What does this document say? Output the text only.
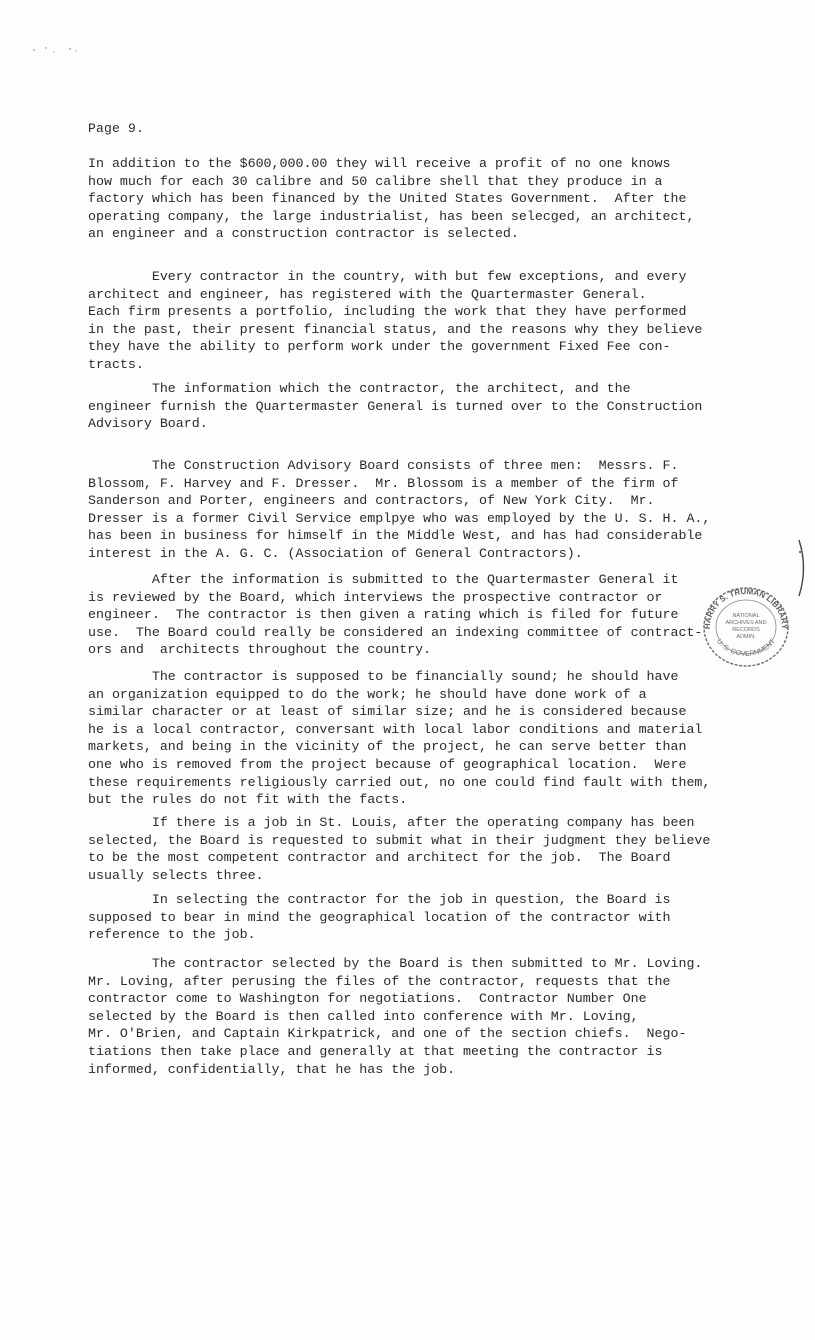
Page 9.

In addition to the $600,000.00 they will receive a profit of no one knows
how much for each 30 calibre and 50 calibre shell that they produce in a
factory which has been financed by the United States Government.  After the
operating company, the large industrialist, has been selecged, an architect,
an engineer and a construction contractor is selected.

Every contractor in the country, with but few exceptions, and every
architect and engineer, has registered with the Quartermaster General.
Each firm presents a portfolio, including the work that they have performed
in the past, their present financial status, and the reasons why they believe
they have the ability to perform work under the government Fixed Fee con-
tracts.

The information which the contractor, the architect, and the
engineer furnish the Quartermaster General is turned over to the Construction
Advisory Board.

The Construction Advisory Board consists of three men:  Messrs. F.
Blossom, F. Harvey and F. Dresser.  Mr. Blossom is a member of the firm of
Sanderson and Porter, engineers and contractors, of New York City.  Mr.
Dresser is a former Civil Service emplpye who was employed by the U. S. H. A.,
has been in business for himself in the Middle West, and has had considerable
interest in the A. G. C. (Association of General Contractors).

After the information is submitted to the Quartermaster General it
is reviewed by the Board, which interviews the prospective contractor or
engineer.  The contractor is then given a rating which is filed for future
use.  The Board could really be considered an indexing committee of contract-
ors and  architects throughout the country.

The contractor is supposed to be financially sound; he should have
an organization equipped to do the work; he should have done work of a
similar character or at least of similar size; and he is considered because
he is a local contractor, conversant with local labor conditions and material
markets, and being in the vicinity of the project, he can serve better than
one who is removed from the project because of geographical location.  Were
these requirements religiously carried out, no one could find fault with them,
but the rules do not fit with the facts.

If there is a job in St. Louis, after the operating company has been
selected, the Board is requested to submit what in their judgment they believe
to be the most competent contractor and architect for the job.  The Board
usually selects three.

In selecting the contractor for the job in question, the Board is
supposed to bear in mind the geographical location of the contractor with
reference to the job.

The contractor selected by the Board is then submitted to Mr. Loving.
Mr. Loving, after perusing the files of the contractor, requests that the
contractor come to Washington for negotiations.  Contractor Number One
selected by the Board is then called into conference with Mr. Loving,
Mr. O'Brien, and Captain Kirkpatrick, and one of the section chiefs.  Nego-
tiations then take place and generally at that meeting the contractor is
informed, confidentially, that he has the job.

HARRY S. TRUMAN LIBRARY
U. S. GOVERNMENT
NATIONAL
ARCHIVES AND
RECORDS
ADMIN.
